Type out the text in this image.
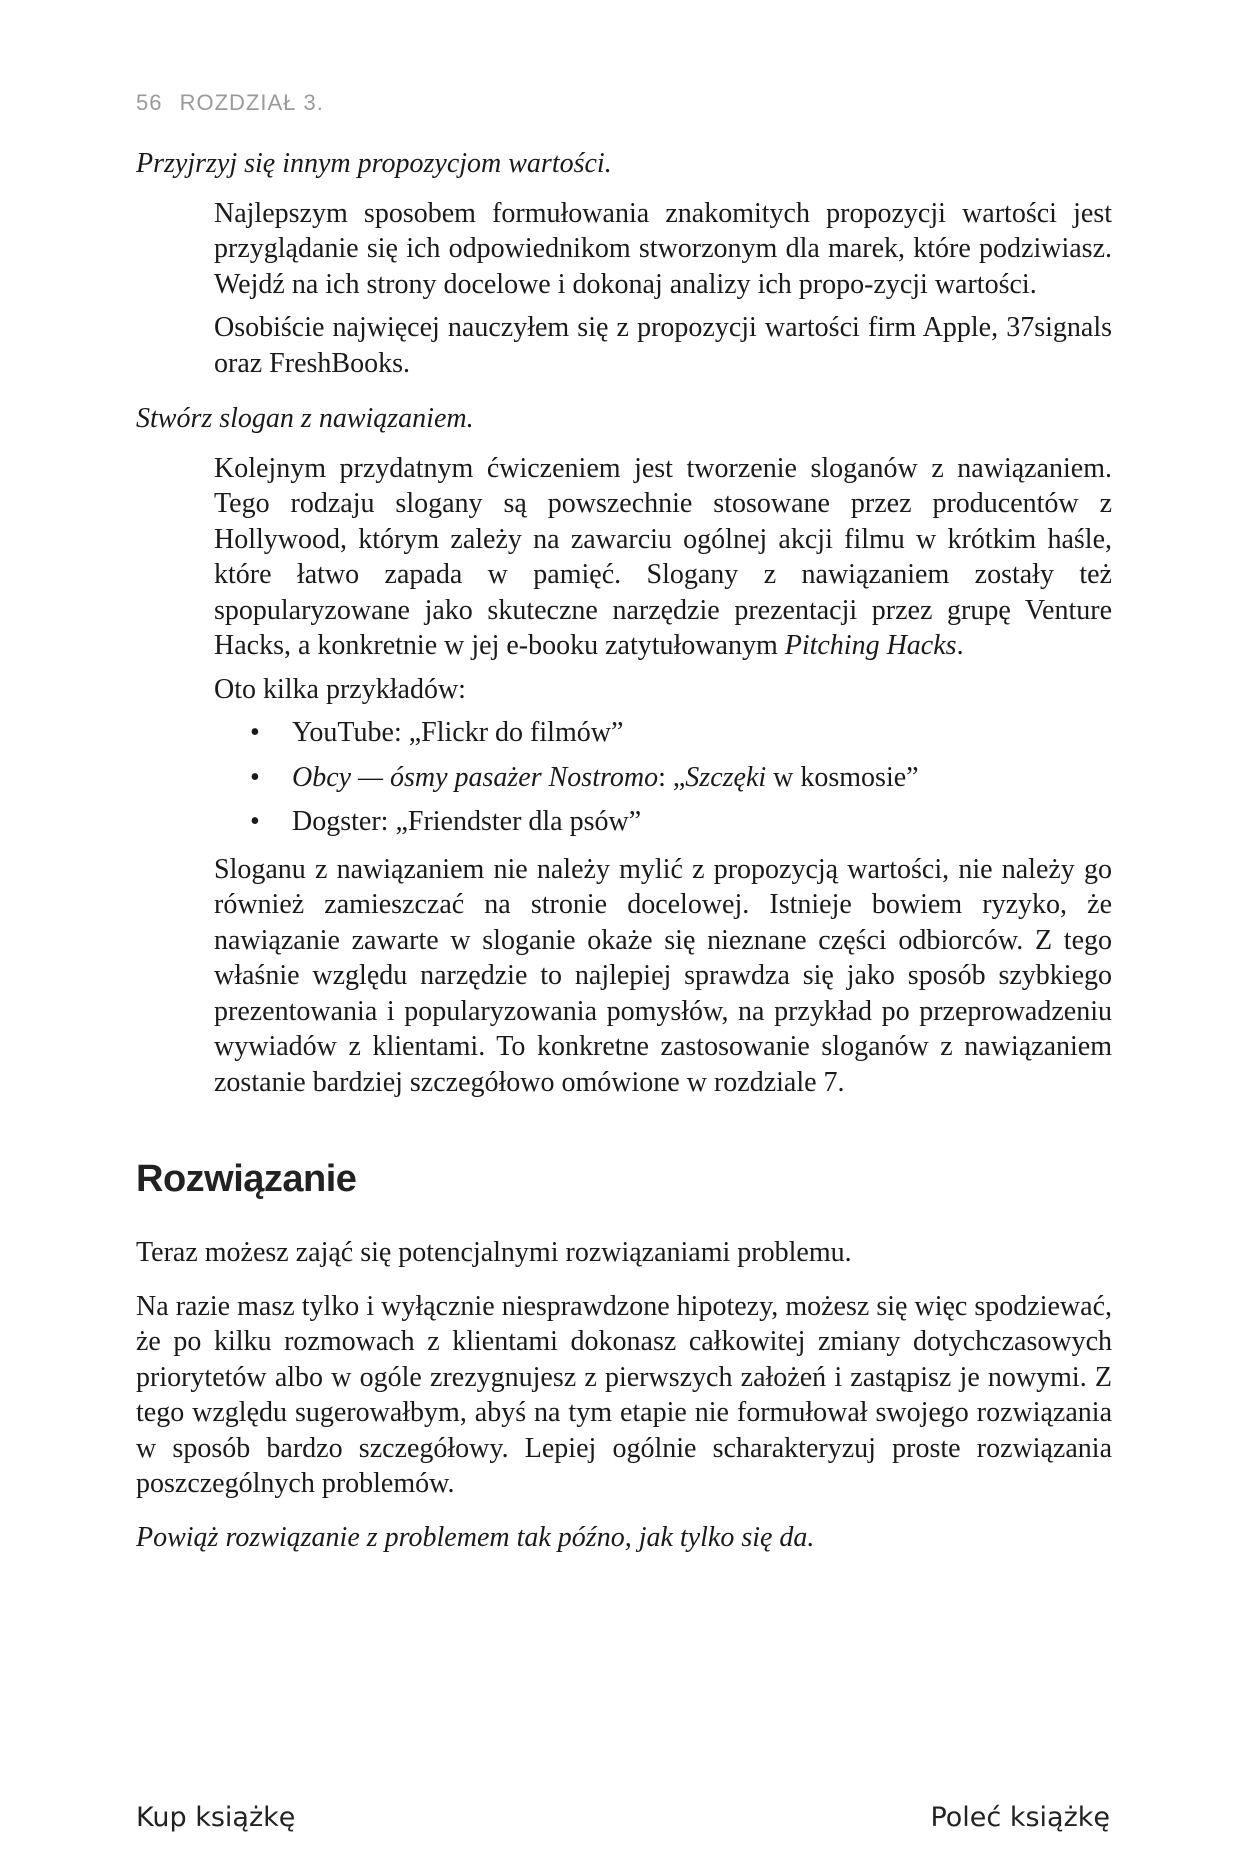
56 ROZDZIAŁ 3.

Przyjrzyj się innym propozycjom wartości.

Najlepszym sposobem formułowania znakomitych propozycji wartości jest przyglądanie się ich odpowiednikom stworzonym dla marek, które podziwiasz. Wejdź na ich strony docelowe i dokonaj analizy ich propo-zycji wartości.

Osobiście najwięcej nauczyłem się z propozycji wartości firm Apple, 37signals oraz FreshBooks.

Stwórz slogan z nawiązaniem.

Kolejnym przydatnym ćwiczeniem jest tworzenie sloganów z nawiązaniem. Tego rodzaju slogany są powszechnie stosowane przez producentów z Hollywood, którym zależy na zawarciu ogólnej akcji filmu w krótkim haśle, które łatwo zapada w pamięć. Slogany z nawiązaniem zostały też spopularyzowane jako skuteczne narzędzie prezentacji przez grupę Venture Hacks, a konkretnie w jej e-booku zatytułowanym Pitching Hacks.

Oto kilka przykładów:

• YouTube: „Flickr do filmów”
• Obcy — ósmy pasażer Nostromo: „Szczęki w kosmosie”
• Dogster: „Friendster dla psów”

Sloganu z nawiązaniem nie należy mylić z propozycją wartości, nie należy go również zamieszczać na stronie docelowej. Istnieje bowiem ryzyko, że nawiązanie zawarte w sloganie okaże się nieznane części odbiorców. Z tego właśnie względu narzędzie to najlepiej sprawdza się jako sposób szybkiego prezentowania i popularyzowania pomysłów, na przykład po przeprowadzeniu wywiadów z klientami. To konkretne zastosowanie sloganów z nawiązaniem zostanie bardziej szczegółowo omówione w rozdziale 7.

Rozwiązanie

Teraz możesz zająć się potencjalnymi rozwiązaniami problemu.

Na razie masz tylko i wyłącznie niesprawdzone hipotezy, możesz się więc spodziewać, że po kilku rozmowach z klientami dokonasz całkowitej zmiany dotychczasowych priorytetów albo w ogóle zrezygnujesz z pierwszych założeń i zastąpisz je nowymi. Z tego względu sugerowałbym, abyś na tym etapie nie formułował swojego rozwiązania w sposób bardzo szczegółowy. Lepiej ogólnie scharakteryzuj proste rozwiązania poszczególnych problemów.

Powiąż rozwiązanie z problemem tak późno, jak tylko się da.

Kup książkę	Poleć książkę
